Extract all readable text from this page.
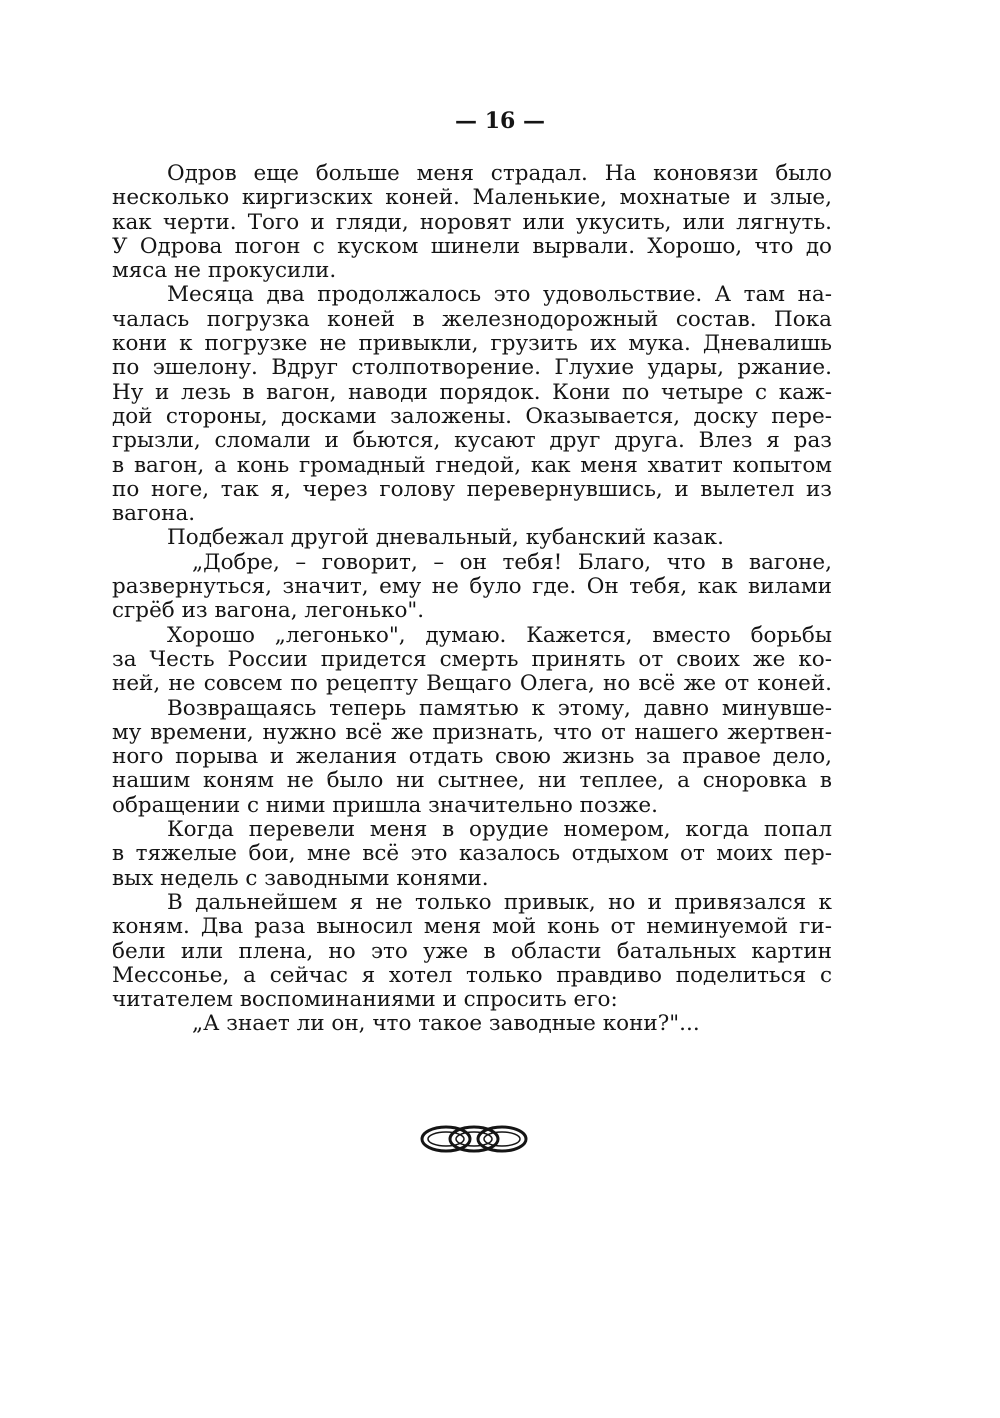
— 16 —
Одров еще больше меня страдал. На коновязи было
несколько киргизских коней. Маленькие, мохнатые и злые,
как черти. Того и гляди, норовят или укусить, или лягнуть.
У Одрова погон с куском шинели вырвали. Хорошо, что до
мяса не прокусили.
Месяца два продолжалось это удовольствие. А там на-
чалась погрузка коней в железнодорожный состав. Пока
кони к погрузке не привыкли, грузить их мука. Дневалишь
по эшелону. Вдруг столпотворение. Глухие удары, ржание.
Ну и лезь в вагон, наводи порядок. Кони по четыре с каж-
дой стороны, досками заложены. Оказывается, доску пере-
грызли, сломали и бьются, кусают друг друга. Влез я раз
в вагон, а конь громадный гнедой, как меня хватит копытом
по ноге, так я, через голову перевернувшись, и вылетел из
вагона.
Подбежал другой дневальный, кубанский казак.
„Добре, – говорит, – он тебя! Благо, что в вагоне,
развернуться, значит, ему не було где. Он тебя, как вилами
сгрёб из вагона, легонько".
Хорошо „легонько", думаю. Кажется, вместо борьбы
за Честь России придется смерть принять от своих же ко-
ней, не совсем по рецепту Вещаго Олега, но всё же от коней.
Возвращаясь теперь памятью к этому, давно минувше-
му времени, нужно всё же признать, что от нашего жертвен-
ного порыва и желания отдать свою жизнь за правое дело,
нашим коням не было ни сытнее, ни теплее, а сноровка в
обращении с ними пришла значительно позже.
Когда перевели меня в орудие номером, когда попал
в тяжелые бои, мне всё это казалось отдыхом от моих пер-
вых недель с заводными конями.
В дальнейшем я не только привык, но и привязался к
коням. Два раза выносил меня мой конь от неминуемой ги-
бели или плена, но это уже в области батальных картин
Мессонье, а сейчас я хотел только правдиво поделиться с
читателем воспоминаниями и спросить его:
„А знает ли он, что такое заводные кони?"...
